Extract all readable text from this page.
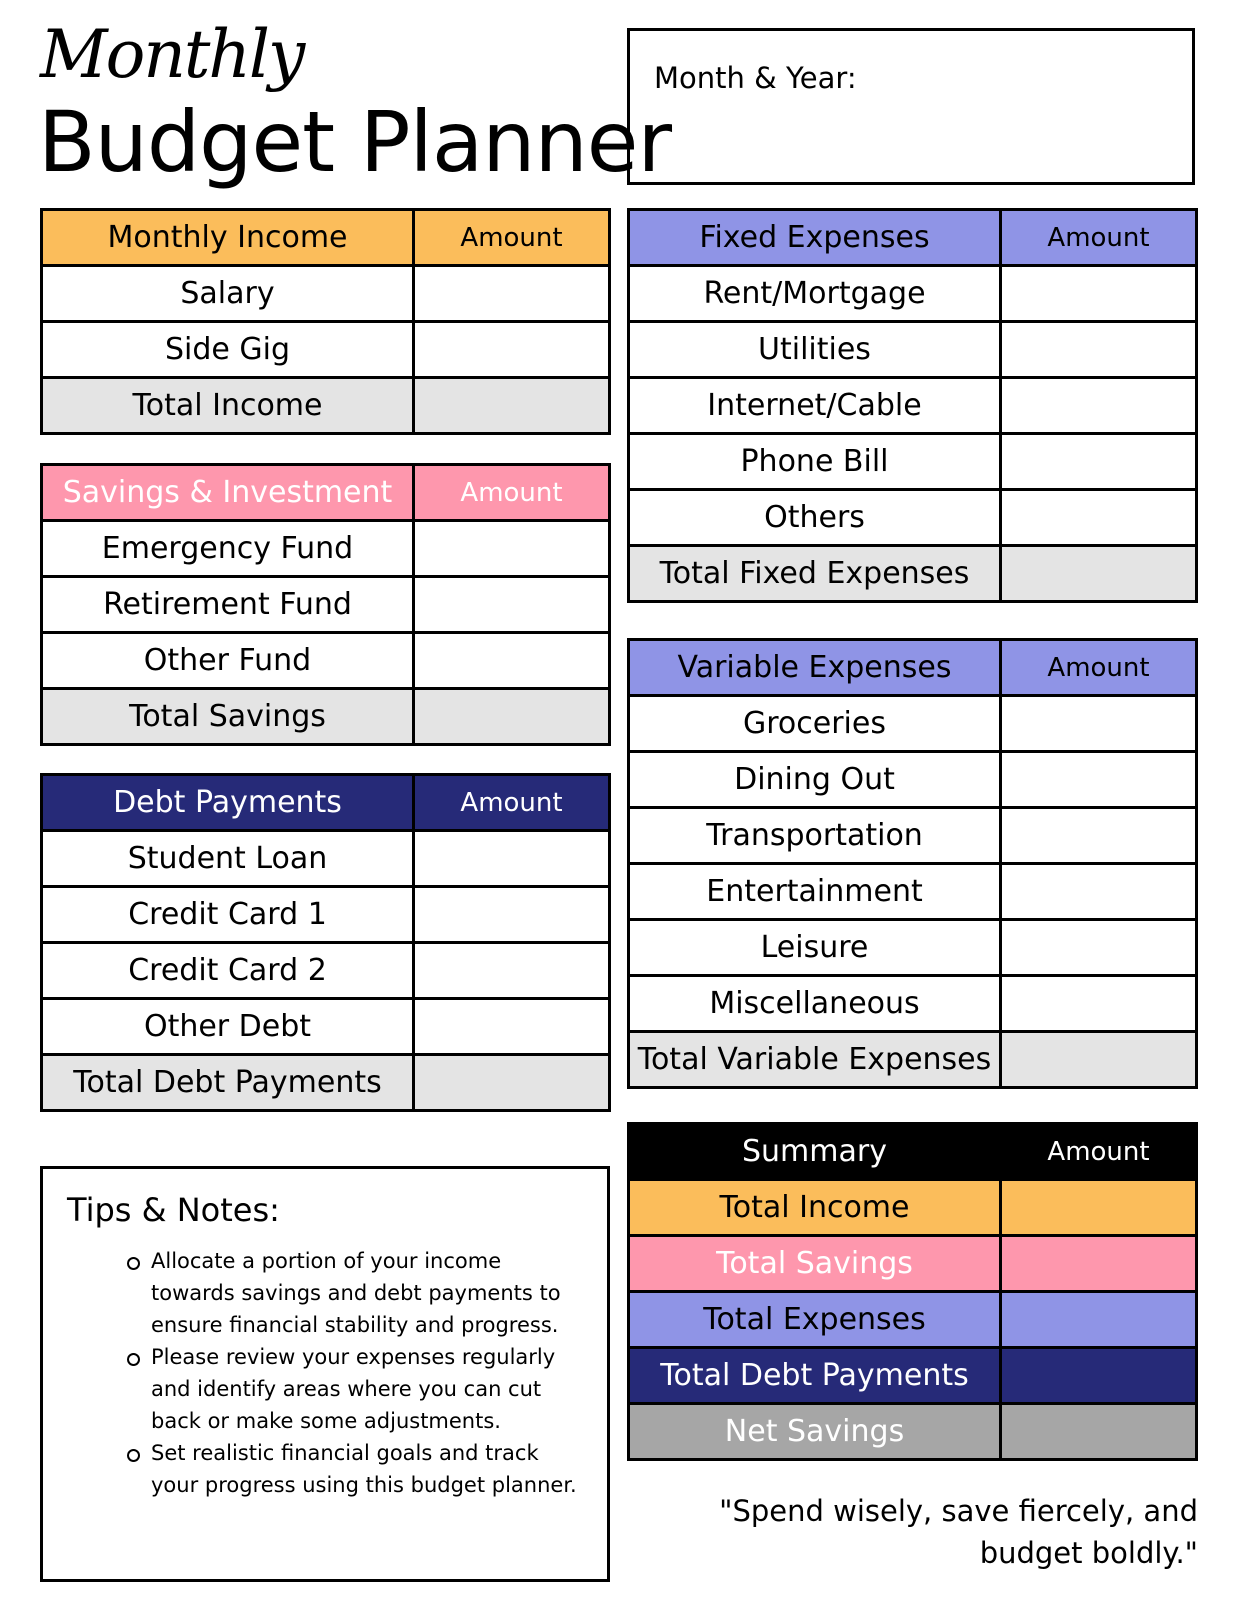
Monthly
Budget Planner
Month & Year:
Monthly Income	Amount
Salary	
Side Gig	
Total Income	
Savings & Investment	Amount
Emergency Fund	
Retirement Fund	
Other Fund	
Total Savings	
Debt Payments	Amount
Student Loan	
Credit Card 1	
Credit Card 2	
Other Debt	
Total Debt Payments	
Fixed Expenses	Amount
Rent/Mortgage	
Utilities	
Internet/Cable	
Phone Bill	
Others	
Total Fixed Expenses	
Variable Expenses	Amount
Groceries	
Dining Out	
Transportation	
Entertainment	
Leisure	
Miscellaneous	
Total Variable Expenses	
Summary	Amount
Total Income	
Total Savings	
Total Expenses	
Total Debt Payments	
Net Savings	
Tips & Notes:
Allocate a portion of your income towards savings and debt payments to ensure financial stability and progress.
Please review your expenses regularly and identify areas where you can cut back or make some adjustments.
Set realistic financial goals and track your progress using this budget planner.
"Spend wisely, save fiercely, and budget boldly."
